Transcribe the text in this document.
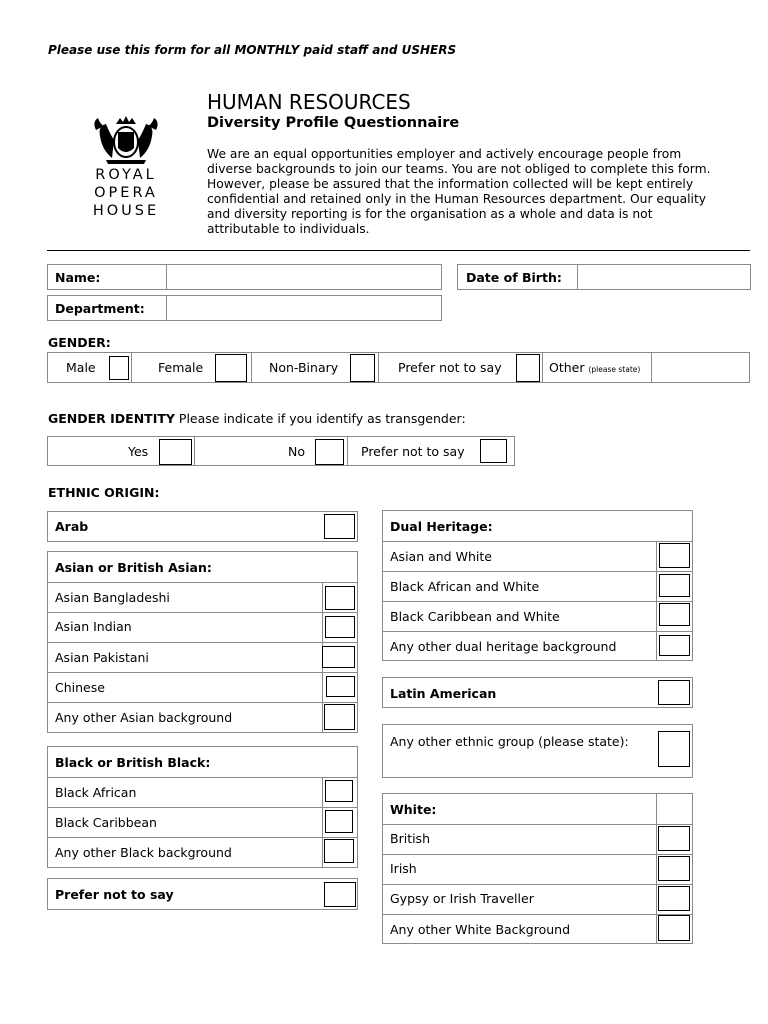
Please use this form for all MONTHLY paid staff and USHERS
ROYAL
OPERA
HOUSE
HUMAN RESOURCES
Diversity Profile Questionnaire
We are an equal opportunities employer and actively encourage people from
diverse backgrounds to join our teams. You are not obliged to complete this form.
However, please be assured that the information collected will be kept entirely
confidential and retained only in the Human Resources department. Our equality
and diversity reporting is for the organisation as a whole and data is not
attributable to individuals.
Name:	Date of Birth:
Department:
GENDER:
Male	Female	Non-Binary	Prefer not to say	Other (please state)
GENDER IDENTITY Please indicate if you identify as transgender:
Yes	No	Prefer not to say
ETHNIC ORIGIN:
Arab
Asian or British Asian:
Asian Bangladeshi
Asian Indian
Asian Pakistani
Chinese
Any other Asian background
Black or British Black:
Black African
Black Caribbean
Any other Black background
Prefer not to say
Dual Heritage:
Asian and White
Black African and White
Black Caribbean and White
Any other dual heritage background
Latin American
Any other ethnic group (please state):
White:
British
Irish
Gypsy or Irish Traveller
Any other White Background
